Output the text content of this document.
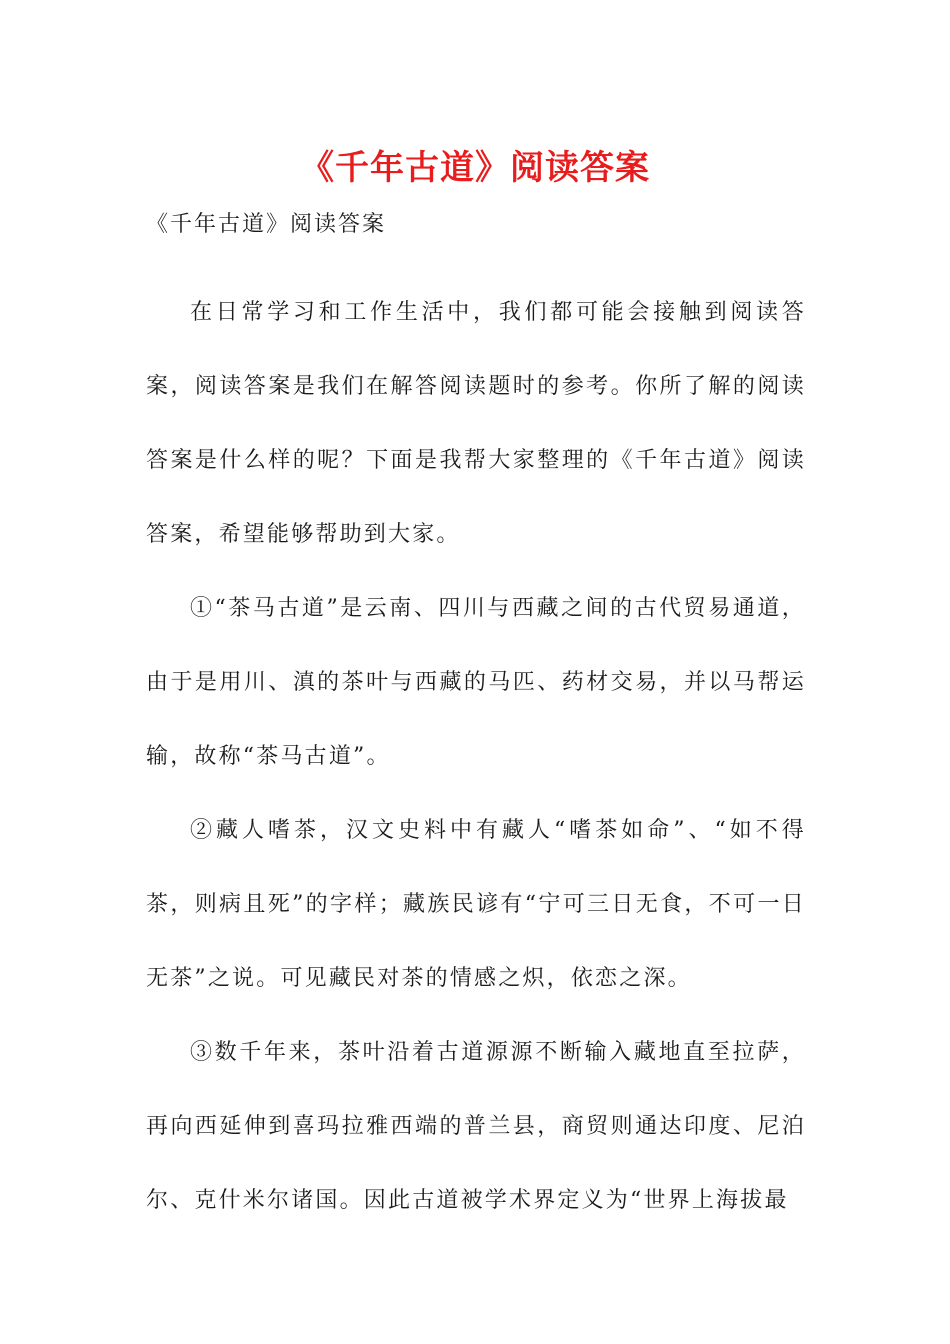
《千年古道》阅读答案
《千年古道》阅读答案

在日常学习和工作生活中，我们都可能会接触到阅读答案，阅读答案是我们在解答阅读题时的参考。你所了解的阅读答案是什么样的呢？下面是我帮大家整理的《千年古道》阅读答案，希望能够帮助到大家。

①“茶马古道”是云南、四川与西藏之间的古代贸易通道，由于是用川、滇的茶叶与西藏的马匹、药材交易，并以马帮运输，故称“茶马古道”。

②藏人嗜茶，汉文史料中有藏人“嗜茶如命”、“如不得茶，则病且死”的字样；藏族民谚有“宁可三日无食，不可一日无茶”之说。可见藏民对茶的情感之炽，依恋之深。

③数千年来，茶叶沿着古道源源不断输入藏地直至拉萨，再向西延伸到喜玛拉雅西端的普兰县，商贸则通达印度、尼泊尔、克什米尔诸国。因此古道被学术界定义为“世界上海拔最
